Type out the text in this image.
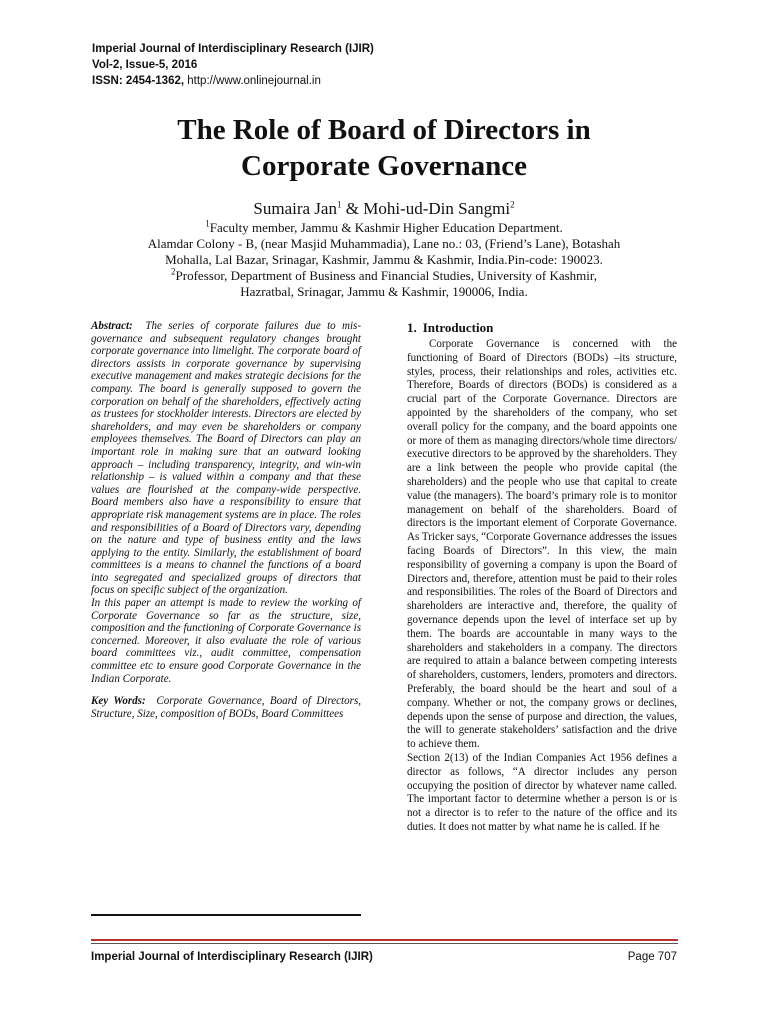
Imperial Journal of Interdisciplinary Research (IJIR)
Vol-2, Issue-5, 2016
ISSN: 2454-1362, http://www.onlinejournal.in
The Role of Board of Directors in
Corporate Governance
Sumaira Jan$^1$ & Mohi-ud-Din Sangmi$^2$

$^1$Faculty member, Jammu & Kashmir Higher Education Department.

Alamdar Colony - B, (near Masjid Muhammadia), Lane no.: 03, (Friend’s Lane), Botashah

Mohalla, Lal Bazar, Srinagar, Kashmir, Jammu & Kashmir, India.Pin-code: 190023.

$^2$Professor, Department of Business and Financial Studies, University of Kashmir,

Hazratbal, Srinagar, Jammu & Kashmir, 190006, India.

Abstract: The series of corporate failures due to mis-governance and subsequent regulatory changes brought corporate governance into limelight. The corporate board of directors assists in corporate governance by supervising executive management and makes strategic decisions for the company. The board is generally supposed to govern the corporation on behalf of the shareholders, effectively acting as trustees for stockholder interests. Directors are elected by shareholders, and may even be shareholders or company employees themselves. The Board of Directors can play an important role in making sure that an outward looking approach – including transparency, integrity, and win-win relationship – is valued within a company and that these values are flourished at the company-wide perspective. Board members also have a responsibility to ensure that appropriate risk management systems are in place. The roles and responsibilities of a Board of Directors vary, depending on the nature and type of business entity and the laws applying to the entity. Similarly, the establishment of board committees is a means to channel the functions of a board into segregated and specialized groups of directors that focus on specific subject of the organization.

In this paper an attempt is made to review the working of Corporate Governance so far as the structure, size, composition and the functioning of Corporate Governance is concerned. Moreover, it also evaluate the role of various board committees viz., audit committee, compensation committee etc to ensure good Corporate Governance in the Indian Corporate.

Key Words: Corporate Governance, Board of Directors, Structure, Size, composition of BODs, Board Committees

1. Introduction

Corporate Governance is concerned with the functioning of Board of Directors (BODs) –its structure, styles, process, their relationships and roles, activities etc. Therefore, Boards of directors (BODs) is considered as a crucial part of the Corporate Governance. Directors are appointed by the shareholders of the company, who set overall policy for the company, and the board appoints one or more of them as managing directors/whole time directors/ executive directors to be approved by the shareholders. They are a link between the people who provide capital (the shareholders) and the people who use that capital to create value (the managers). The board’s primary role is to monitor management on behalf of the shareholders. Board of directors is the important element of Corporate Governance. As Tricker says, “Corporate Governance addresses the issues facing Boards of Directors”. In this view, the main responsibility of governing a company is upon the Board of Directors and, therefore, attention must be paid to their roles and responsibilities. The roles of the Board of Directors and shareholders are interactive and, therefore, the quality of governance depends upon the level of interface set up by them. The boards are accountable in many ways to the shareholders and stakeholders in a company. The directors are required to attain a balance between competing interests of shareholders, customers, lenders, promoters and directors. Preferably, the board should be the heart and soul of a company. Whether or not, the company grows or declines, depends upon the sense of purpose and direction, the values, the will to generate stakeholders’ satisfaction and the drive to achieve them.

Section 2(13) of the Indian Companies Act 1956 defines a director as follows, “A director includes any person occupying the position of director by whatever name called. The important factor to determine whether a person is or is not a director is to refer to the nature of the office and its duties. It does not matter by what name he is called. If he

Imperial Journal of Interdisciplinary Research (IJIR)	Page 707
